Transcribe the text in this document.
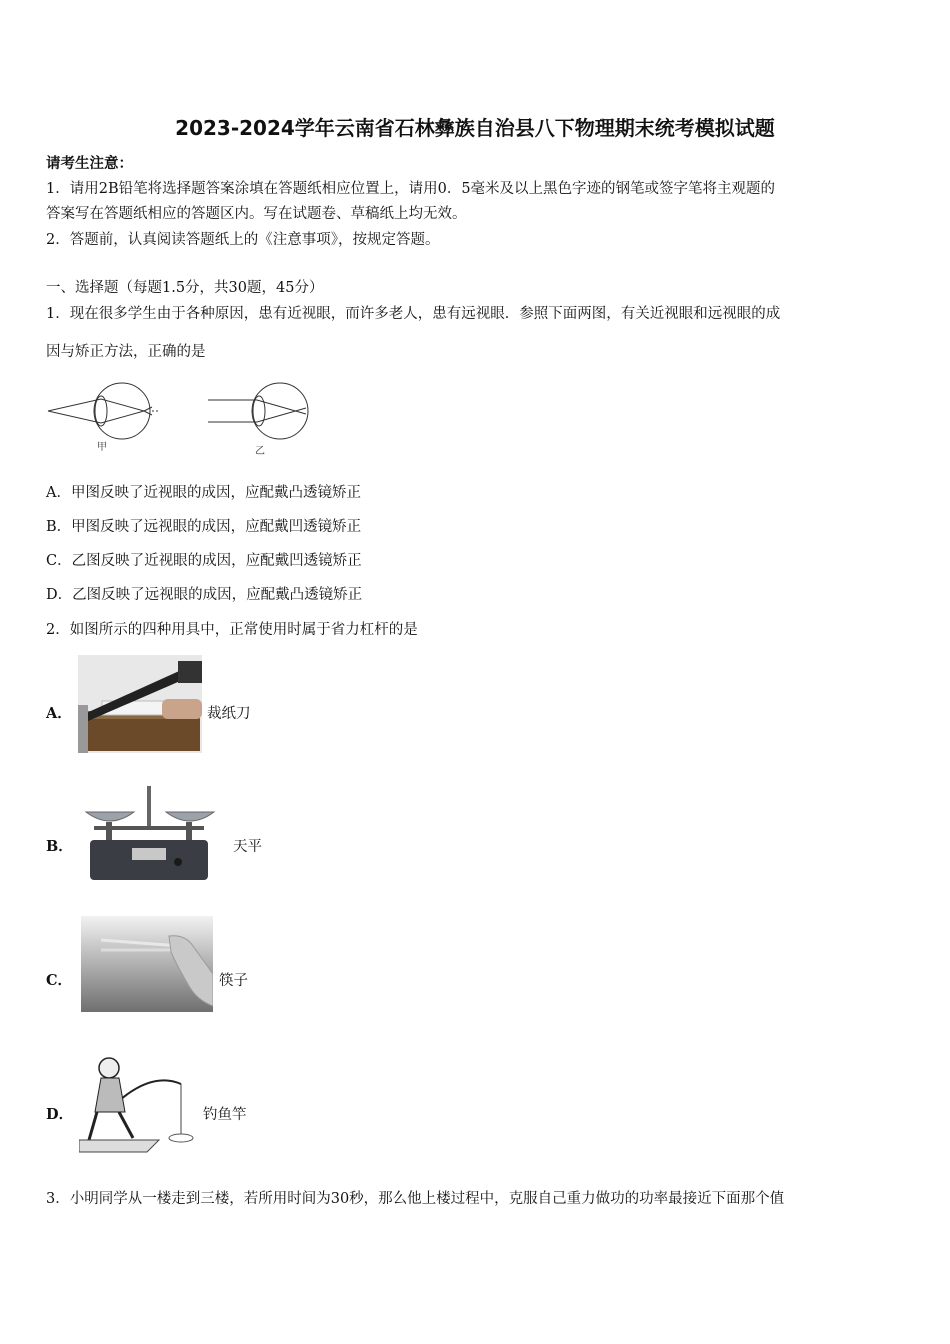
2023-2024学年云南省石林彝族自治县八下物理期末统考模拟试题
请考生注意：
1．请用2B铅笔将选择题答案涂填在答题纸相应位置上，请用0．5毫米及以上黑色字迹的钢笔或签字笔将主观题的
答案写在答题纸相应的答题区内。写在试题卷、草稿纸上均无效。
2．答题前，认真阅读答题纸上的《注意事项》，按规定答题。
一、选择题（每题1.5分，共30题，45分）
1．现在很多学生由于各种原因，患有近视眼，而许多老人，患有远视眼．参照下面两图，有关近视眼和远视眼的成
因与矫正方法，正确的是
甲	乙
A．甲图反映了近视眼的成因，应配戴凸透镜矫正
B．甲图反映了远视眼的成因，应配戴凹透镜矫正
C．乙图反映了近视眼的成因，应配戴凹透镜矫正
D．乙图反映了远视眼的成因，应配戴凸透镜矫正
2．如图所示的四种用具中，正常使用时属于省力杠杆的是
A．	裁纸刀
B．	天平
C．	筷子
D．	钓鱼竿
3．小明同学从一楼走到三楼，若所用时间为30秒，那么他上楼过程中，克服自己重力做功的功率最接近下面那个值
